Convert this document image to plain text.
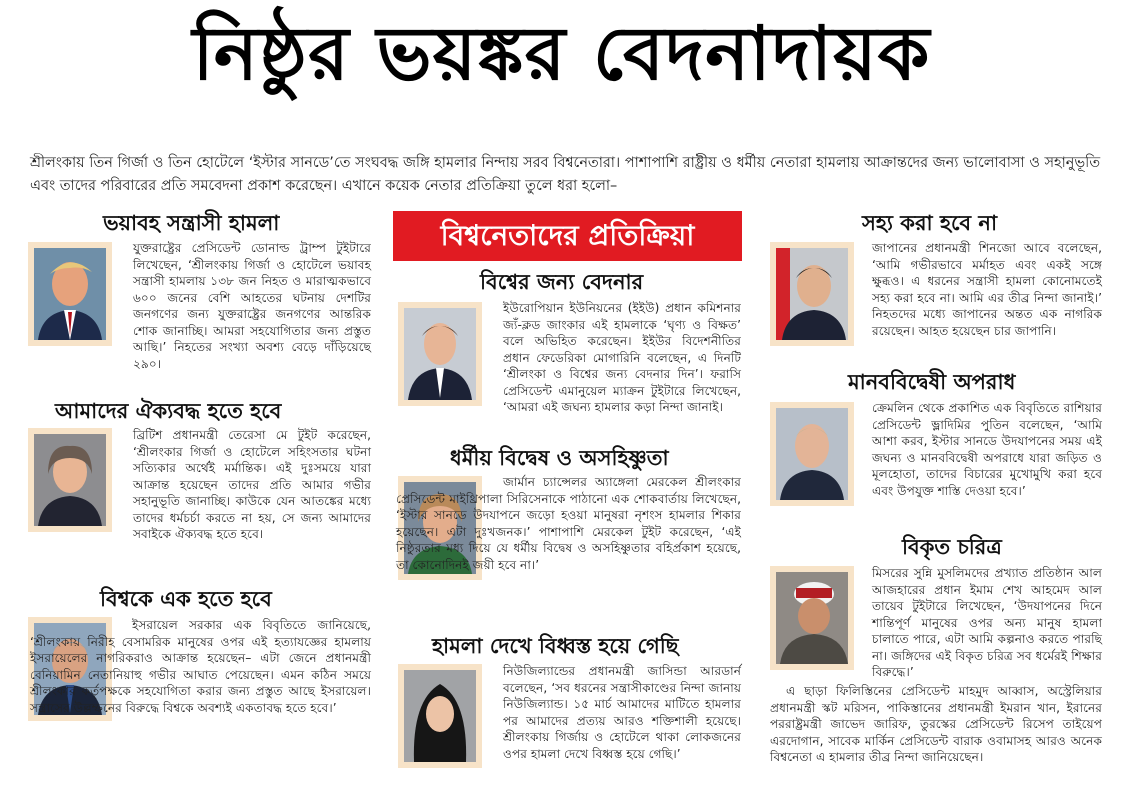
নিষ্ঠুর ভয়ঙ্কর বেদনাদায়ক
শ্রীলংকায় তিন গির্জা ও তিন হোটেলে ‘ইস্টার সানডে’তে সংঘবদ্ধ জঙ্গি হামলার নিন্দায় সরব বিশ্বনেতারা। পাশাপাশি রাষ্ট্রীয় ও ধর্মীয় নেতারা হামলায় আক্রান্তদের জন্য ভালোবাসা ও সহানুভূতি এবং তাদের পরিবারের প্রতি সমবেদনা প্রকাশ করেছেন। এখানে কয়েক নেতার প্রতিক্রিয়া তুলে ধরা হলো–
বিশ্বনেতাদের প্রতিক্রিয়া
ভয়াবহ সন্ত্রাসী হামলা
যুক্তরাষ্ট্রের প্রেসিডেন্ট ডোনাল্ড ট্রাম্প টুইটারে লিখেছেন, ‘শ্রীলংকায় গির্জা ও হোটেলে ভয়াবহ সন্ত্রাসী হামলায় ১৩৮ জন নিহত ও মারাত্মকভাবে ৬০০ জনের বেশি আহতের ঘটনায় দেশটির জনগণের জন্য যুক্তরাষ্ট্রের জনগণের আন্তরিক শোক জানাচ্ছি। আমরা সহযোগিতার জন্য প্রস্তুত আছি।’ নিহতের সংখ্যা অবশ্য বেড়ে দাঁড়িয়েছে ২৯০।
আমাদের ঐক্যবদ্ধ হতে হবে
ব্রিটিশ প্রধানমন্ত্রী তেরেসা মে টুইট করেছেন, ‘শ্রীলংকার গির্জা ও হোটেলে সহিংসতার ঘটনা সত্যিকার অর্থেই মর্মান্তিক। এই দুঃসময়ে যারা আক্রান্ত হয়েছেন তাদের প্রতি আমার গভীর সহানুভূতি জানাচ্ছি। কাউকে যেন আতঙ্কের মধ্যে তাদের ধর্মচর্চা করতে না হয়, সে জন্য আমাদের সবাইকে ঐক্যবদ্ধ হতে হবে।
বিশ্বকে এক হতে হবে
ইসরায়েল সরকার এক বিবৃতিতে জানিয়েছে, ‘শ্রীলংকায় নিরীহ বেসামরিক মানুষের ওপর এই হত্যাযজ্ঞের হামলায় ইসরায়েলের নাগরিকরাও আক্রান্ত হয়েছেন– এটা জেনে প্রধানমন্ত্রী বেনিয়ামিন নেতানিয়াহু গভীর আঘাত পেয়েছেন। এমন কঠিন সময়ে শ্রীলংকার কর্তৃপক্ষকে সহযোগিতা করার জন্য প্রস্তুত আছে ইসরায়েল। সন্ত্রাসের উল্লম্ফনের বিরুদ্ধে বিশ্বকে অবশ্যই একতাবদ্ধ হতে হবে।’
বিশ্বের জন্য বেদনার
ইউরোপিয়ান ইউনিয়নের (ইইউ) প্রধান কমিশনার জ্যঁ-ক্লড জাংকার এই হামলাকে ‘ঘৃণ্য ও বিক্ষত’ বলে অভিহিত করেছেন। ইইউর বিদেশনীতির প্রধান ফেডেরিকা মোগারিনি বলেছেন, এ দিনটি ‘শ্রীলংকা ও বিশ্বের জন্য বেদনার দিন’। ফরাসি প্রেসিডেন্ট এমানুয়েল ম্যাক্রন টুইটারে লিখেছেন, ‘আমরা এই জঘন্য হামলার কড়া নিন্দা জানাই।
ধর্মীয় বিদ্বেষ ও অসহিষ্ণুতা
জার্মান চ্যান্সেলর অ্যাঙ্গেলা মেরকেল শ্রীলংকার প্রেসিডেন্ট মাইথ্রিপালা সিরিসেনাকে পাঠানো এক শোকবার্তায় লিখেছেন, ‘ইস্টার সানডে উদযাপনে জড়ো হওয়া মানুষরা নৃশংস হামলার শিকার হয়েছেন। এটা দুঃখজনক।’ পাশাপাশি মেরকেল টুইট করেছেন, ‘এই নিষ্ঠুরতার মধ্য দিয়ে যে ধর্মীয় বিদ্বেষ ও অসহিষ্ণুতার বহির্প্রকাশ হয়েছে, তা কোনোদিনই জয়ী হবে না।’
হামলা দেখে বিধ্বস্ত হয়ে গেছি
নিউজিল্যান্ডের প্রধানমন্ত্রী জাসিন্ডা আরডার্ন বলেছেন, ‘সব ধরনের সন্ত্রাসীকাণ্ডের নিন্দা জানায় নিউজিল্যান্ড। ১৫ মার্চ আমাদের মাটিতে হামলার পর আমাদের প্রত্যয় আরও শক্তিশালী হয়েছে। শ্রীলংকায় গির্জায় ও হোটেলে থাকা লোকজনের ওপর হামলা দেখে বিধ্বস্ত হয়ে গেছি।’
সহ্য করা হবে না
জাপানের প্রধানমন্ত্রী শিনজো আবে বলেছেন, ‘আমি গভীরভাবে মর্মাহত এবং একই সঙ্গে ক্ষুব্ধও। এ ধরনের সন্ত্রাসী হামলা কোনোমতেই সহ্য করা হবে না। আমি এর তীব্র নিন্দা জানাই।’ নিহতদের মধ্যে জাপানের অন্তত এক নাগরিক রয়েছেন। আহত হয়েছেন চার জাপানি।
মানববিদ্বেষী অপরাধ
ক্রেমলিন থেকে প্রকাশিত এক বিবৃতিতে রাশিয়ার প্রেসিডেন্ট ভ্লাদিমির পুতিন বলেছেন, ‘আমি আশা করব, ইস্টার সানডে উদযাপনের সময় এই জঘন্য ও মানববিদ্বেষী অপরাধে যারা জড়িত ও মূলহোতা, তাদের বিচারের মুখোমুখি করা হবে এবং উপযুক্ত শাস্তি দেওয়া হবে।’
বিকৃত চরিত্র
মিসরের সুন্নি মুসলিমদের প্রখ্যাত প্রতিষ্ঠান আল আজহারের প্রধান ইমাম শেখ আহমেদ আল তায়েব টুইটারে লিখেছেন, ‘উদযাপনের দিনে শান্তিপূর্ণ মানুষের ওপর অন্য মানুষ হামলা চালাতে পারে, এটা আমি কল্পনাও করতে পারছি না। জঙ্গিদের এই বিকৃত চরিত্র সব ধর্মেরই শিক্ষার বিরুদ্ধে।’
এ ছাড়া ফিলিস্তিনের প্রেসিডেন্ট মাহমুদ আব্বাস, অস্ট্রেলিয়ার প্রধানমন্ত্রী স্কট মরিসন, পাকিস্তানের প্রধানমন্ত্রী ইমরান খান, ইরানের পররাষ্ট্রমন্ত্রী জাভেদ জারিফ, তুরস্কের প্রেসিডেন্ট রিসেপ তাইয়েপ এরদোগান, সাবেক মার্কিন প্রেসিডেন্ট বারাক ওবামাসহ আরও অনেক বিশ্বনেতা এ হামলার তীব্র নিন্দা জানিয়েছেন।
